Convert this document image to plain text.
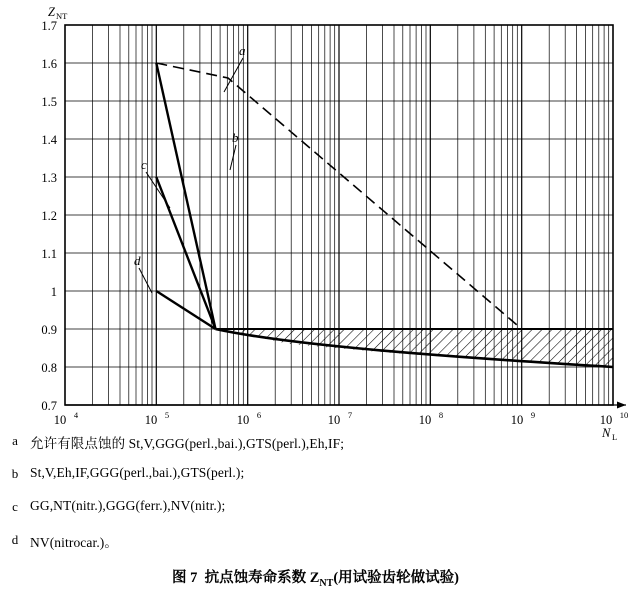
a
b
c
d
1.7
1.6
1.5
1.4
1.3
1.2
1.1
1
0.9
0.8
0.7
Z NT
10 4	10 5	10 6	10 7	10 8	10 9	10 10
N L
a 允许有限点蚀的 St,V,GGG(perl.,bai.),GTS(perl.),Eh,IF;
b St,V,Eh,IF,GGG(perl.,bai.),GTS(perl.);
c GG,NT(nitr.),GGG(ferr.),NV(nitr.);
d NV(nitrocar.)。
图 7 抗点蚀寿命系数 $Z_{NT}$(用试验齿轮做试验)
